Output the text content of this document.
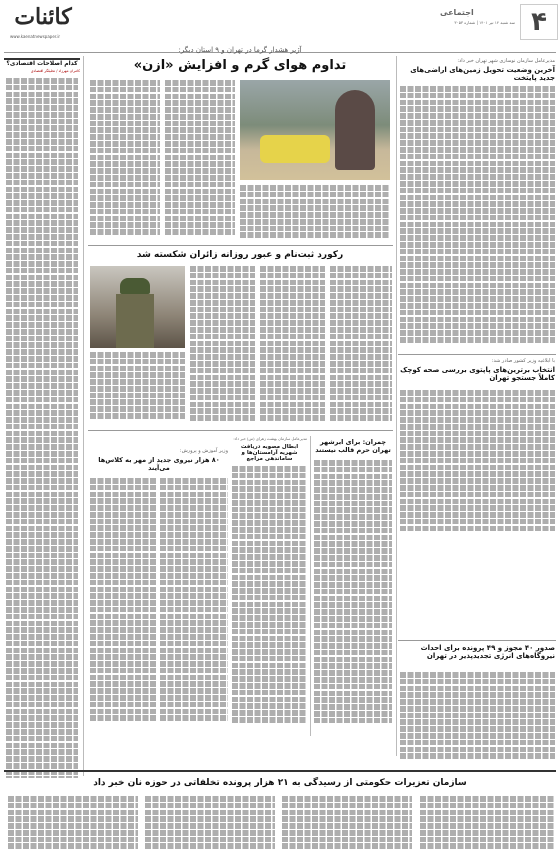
کائنات
www.kaenatnewspaper.ir	۴
اجتماعی
سه شنبه ۱۴ تیر ۱۴۰۱ | شماره ۳۰۵۳
کدام اصلاحات اقتصادی؟
کامران مهرزاد / تحلیلگر اقتصادی
آژیر هشدار گرما در تهران و ۹ استان دیگر:
تداوم هوای گرم و افزایش «ازن»	مدیرعامل سازمان نوسازی شهر تهران خبر داد:
آخرین وضعیت تحویل زمین‌های اراضی‌های جدید پایتخت
رکورد ثبت‌نام و عبور روزانه زائران شکسته شد
با ابلاغیه وزیر کشور صادر شد:
انتخاب برترین‌های پاپتوی بررسی صحه کوچک کاملاً جستجو تهران
چمران: برای ابرشهر تهران حرم قالب نیستند
مدیرعامل سازمان بهشت زهرای (س) خبر داد:
ابطال مصوبه دریافت شهریه آرامستان‌ها و ساماندهی مراجع
وزیر آموزش و پرورش:
۸۰ هزار نیروی جدید از مهر به کلاس‌ها می‌آیند
صدور ۴۰ مجوز و ۴۹ پرونده برای احداث نیروگاه‌های انرژی تجدیدپذیر در تهران
سازمان تعزیرات حکومتی از رسیدگی به ۲۱ هزار پرونده تخلفاتی در حوزه نان خبر داد
